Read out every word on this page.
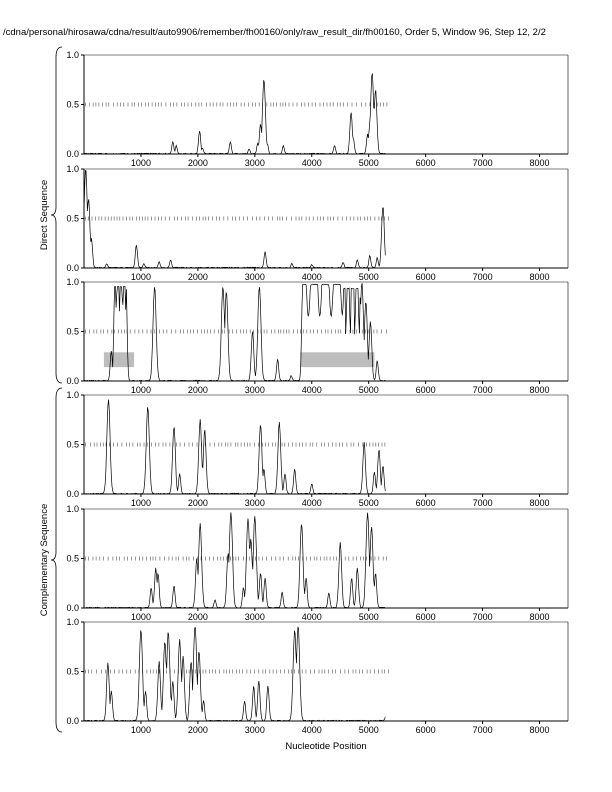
/cdna/personal/hirosawa/cdna/result/auto9906/remember/fh00160/only/raw_result_dir/fh00160, Order 5, Window 96, Step 12, 2/2
0.0
0.5
1.0
1000	2000	3000	4000	5000	6000	7000	8000
0.0
0.5
1.0
1000	2000	3000	4000	5000	6000	7000	8000
0.0
0.5
1.0
1000	2000	3000	4000	5000	6000	7000	8000
0.0
0.5
1.0
1000	2000	3000	4000	5000	6000	7000	8000
0.0
0.5
1.0
1000	2000	3000	4000	5000	6000	7000	8000
0.0
0.5
1.0
1000	2000	3000	4000	5000	6000	7000	8000
Direct Sequence
Complementary Sequence
Nucleotide Position
